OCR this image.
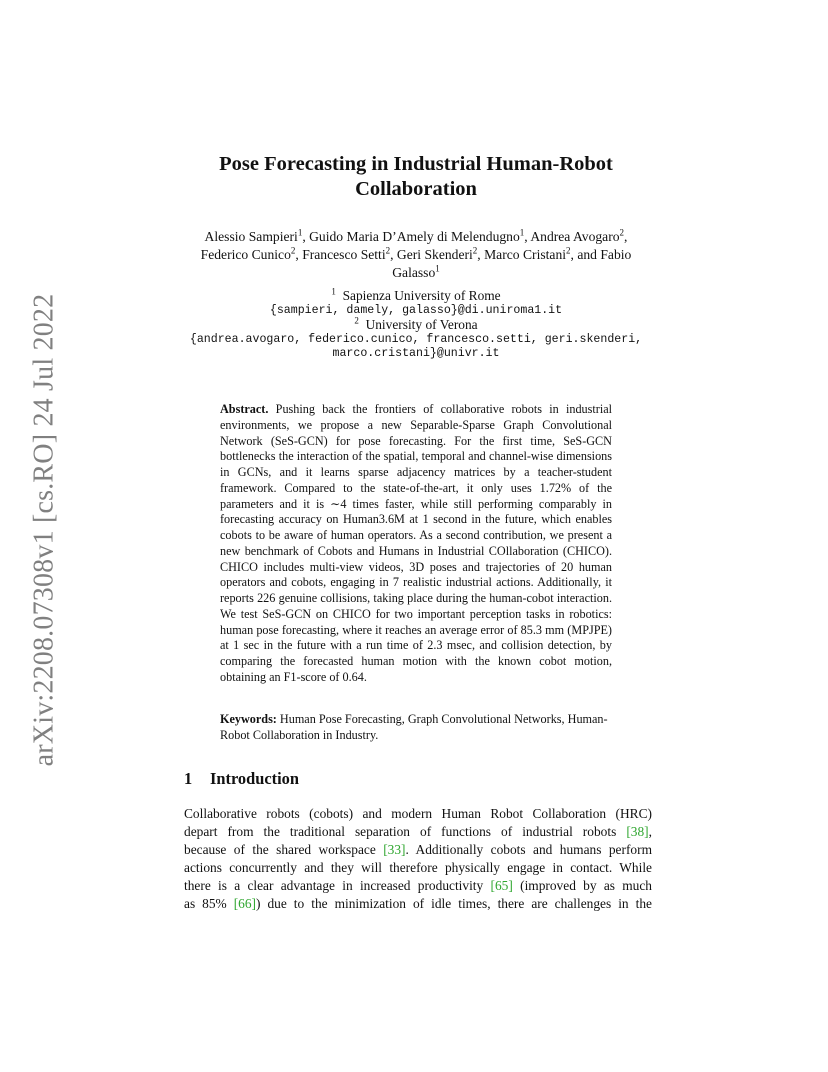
arXiv:2208.07308v1 [cs.RO] 24 Jul 2022
Pose Forecasting in Industrial Human-Robot Collaboration
Alessio Sampieri$^1$, Guido Maria D’Amely di Melendugno$^1$, Andrea Avogaro$^2$,
Federico Cunico$^2$, Francesco Setti$^2$, Geri Skenderi$^2$, Marco Cristani$^2$, and Fabio Galasso$^1$
$^1$ Sapienza University of Rome
{sampieri, damely, galasso}@di.uniroma1.it
$^2$ University of Verona
{andrea.avogaro, federico.cunico, francesco.setti, geri.skenderi,
marco.cristani}@univr.it
Abstract. Pushing back the frontiers of collaborative robots in industrial environments, we propose a new Separable-Sparse Graph Convolutional Network (SeS-GCN) for pose forecasting. For the first time, SeS-GCN bottlenecks the interaction of the spatial, temporal and channel-wise dimensions in GCNs, and it learns sparse adjacency matrices by a teacher-student framework. Compared to the state-of-the-art, it only uses 1.72% of the parameters and it is ∼4 times faster, while still performing comparably in forecasting accuracy on Human3.6M at 1 second in the future, which enables cobots to be aware of human operators. As a second contribution, we present a new benchmark of Cobots and Humans in Industrial COllaboration (CHICO). CHICO includes multi-view videos, 3D poses and trajectories of 20 human operators and cobots, engaging in 7 realistic industrial actions. Additionally, it reports 226 genuine collisions, taking place during the human-cobot interaction. We test SeS-GCN on CHICO for two important perception tasks in robotics: human pose forecasting, where it reaches an average error of 85.3 mm (MPJPE) at 1 sec in the future with a run time of 2.3 msec, and collision detection, by comparing the forecasted human motion with the known cobot motion, obtaining an F1-score of 0.64.
Keywords: Human Pose Forecasting, Graph Convolutional Networks, Human-Robot Collaboration in Industry.
1 Introduction
Collaborative robots (cobots) and modern Human Robot Collaboration (HRC)
depart from the traditional separation of functions of industrial robots [38],
because of the shared workspace [33]. Additionally cobots and humans perform
actions concurrently and they will therefore physically engage in contact. While
there is a clear advantage in increased productivity [65] (improved by as much
as 85% [66]) due to the minimization of idle times, there are challenges in the
